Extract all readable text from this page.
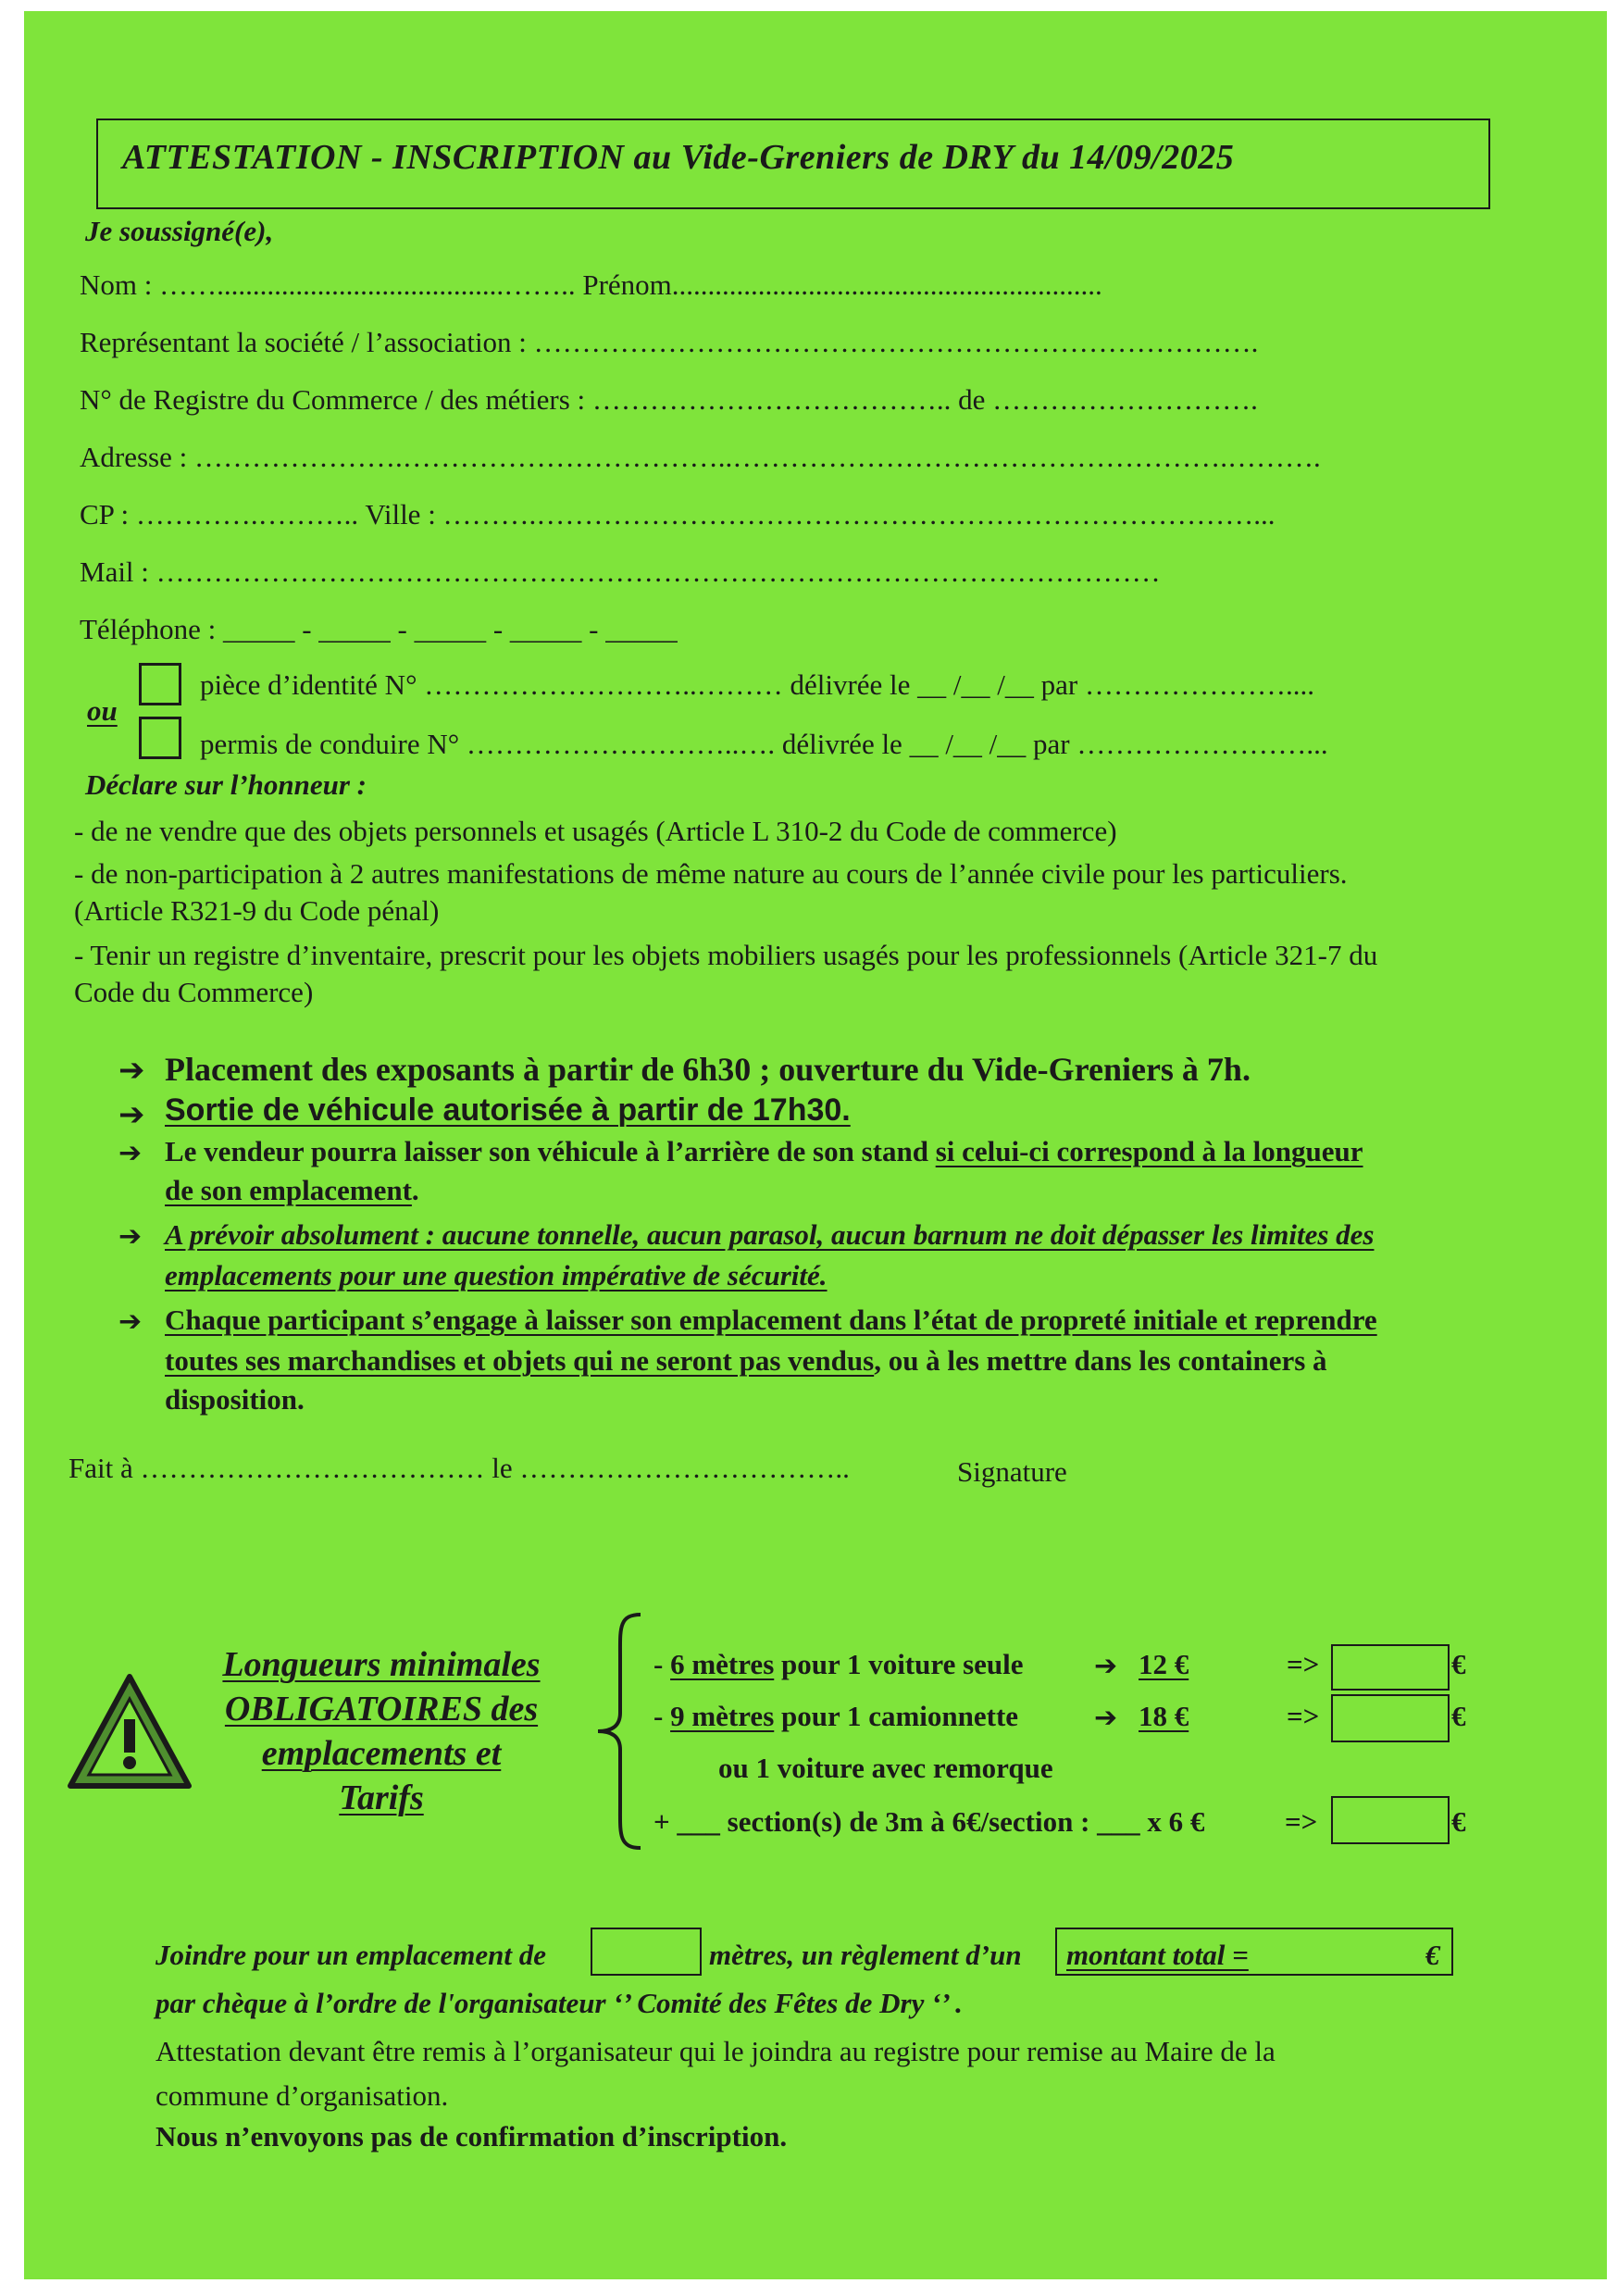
ATTESTATION - INSCRIPTION au Vide-Greniers de DRY du 14/09/2025
Je soussigné(e),
Nom : ……........................................…….. Prénom............................................................
Représentant la société / l’association : ………………………………………………………………….
N° de Registre du Commerce / des métiers : ……………………………….. de ……………………….
Adresse : ………………….……………………………..…………………………………………….……….
CP : ………….……….. Ville : ……….…………………………………………………………………...
Mail : ……………………………………………………………………………………………
Téléphone : _____ - _____ - _____ - _____ - _____
pièce d’identité N° ………………………..……… délivrée le __ /__ /__ par …………………....
ou
permis de conduire N° ………………………..…. délivrée le __ /__ /__ par ……………………...
Déclare sur l’honneur :
- de ne vendre que des objets personnels et usagés (Article L 310-2 du Code de commerce)
- de non-participation à 2 autres manifestations de même nature au cours de l’année civile pour les particuliers.
(Article R321-9 du Code pénal)
- Tenir un registre d’inventaire, prescrit pour les objets mobiliers usagés pour les professionnels (Article 321-7 du
Code du Commerce)
➔ Placement des exposants à partir de 6h30 ; ouverture du Vide-Greniers à 7h.
➔ Sortie de véhicule autorisée à partir de 17h30.
➔ Le vendeur pourra laisser son véhicule à l’arrière de son stand si celui-ci correspond à la longueur
de son emplacement.
➔ A prévoir absolument : aucune tonnelle, aucun parasol, aucun barnum ne doit dépasser les limites des
emplacements pour une question impérative de sécurité.
➔ Chaque participant s’engage à laisser son emplacement dans l’état de propreté initiale et reprendre
toutes ses marchandises et objets qui ne seront pas vendus, ou à les mettre dans les containers à
disposition.
Fait à ……………………………… le ……………………………..	Signature
Longueurs minimales
OBLIGATOIRES des
emplacements et
Tarifs
- 6 mètres pour 1 voiture seule	➔ 12 €	=>	€
- 9 mètres pour 1 camionnette	➔ 18 €	=>	€
ou 1 voiture avec remorque
+ ___ section(s) de 3m à 6€/section : ___ x 6 €	=>	€
Joindre pour un emplacement de	mètres, un règlement d’un montant total =	€
par chèque à l’ordre de l'organisateur ‘’ Comité des Fêtes de Dry ‘’ .
Attestation devant être remis à l’organisateur qui le joindra au registre pour remise au Maire de la
commune d’organisation.
Nous n’envoyons pas de confirmation d’inscription.
